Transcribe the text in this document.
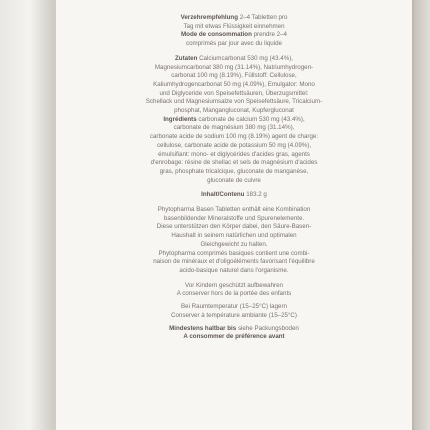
Verzehrempfehlung 2–4 Tabletten pro

Tag mit etwas Flüssigkeit einnehmen

Mode de consommation prendre 2–4

comprimés par jour avec du liquide

Zutaten Calciumcarbonat 530 mg (43.4%),

Magnesiumcarbonat 380 mg (31.14%), Natriumhydrogen-

carbonat 100 mg (8.19%), Füllstoff: Cellulose,

Kaliumhydrogencarbonat 50 mg (4.09%), Emulgator: Mono

und Diglyceride von Speisefettsäuren, Überzugsmittel:

Schellack und Magnesiumsalze von Speisefettsäure, Tricalcium-

phosphat, Mangangluconat, Kupfergluconat

Ingrédients carbonate de calcium 530 mg (43.4%),

carbonate de magnésium 380 mg (31.14%),

carbonate acide de sodium 100 mg (8.19%) agent de charge:

cellulose, carbonate acide de potassium 50 mg (4.09%),

émulsifiant: mono- et diglycérides d'acides gras, agents

d'enrobage: résine de shellac et sels de magnésium d'acides

gras, phosphate tricalcique, gluconate de manganèse,

gluconate de cuivre

Inhalt/Contenu 183.2 g

Phytopharma Basen Tabletten enthält eine Kombination

basenbildender Mineralstoffe und Spurenelemente.

Diese unterstützen den Körper dabei, den Säure-Basen-

Haushalt in seinem natürlichen und optimalen

Gleichgewicht zu halten.

Phytopharma comprimés basiques contient une combi-

naison de minéraux et d'oligoéléments favorisant l'équilibre

acido-basique naturel dans l'organisme.

Vor Kindern geschützt aufbewahren

A conserver hors de la portée des enfants

Bei Raumtemperatur (15–25°C) lagern

Conserver à température ambiante (15–25°C)

Mindestens haltbar bis siehe Packungsboden

A consommer de préférence avant
